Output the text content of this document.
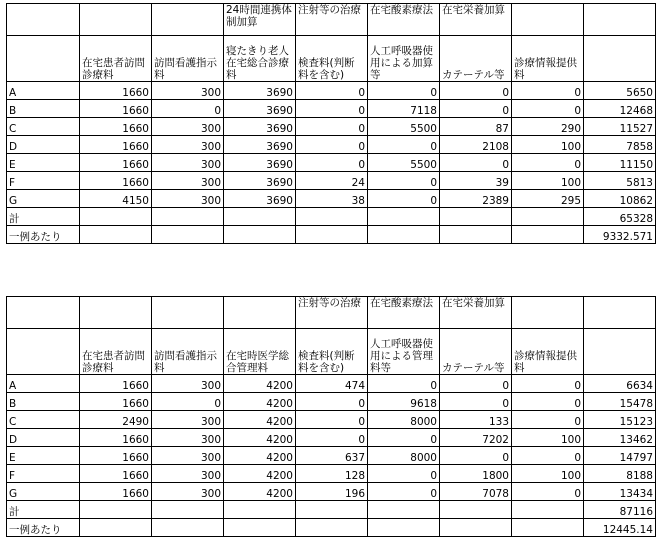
			24時間連携体制加算	注射等の治療	在宅酸素療法	在宅栄養加算		
	在宅患者訪問診療料	訪問看護指示料	寝たきり老人在宅総合診療料	検査料(判断料を含む)	人工呼吸器使用による加算等	カテーテル等	診療情報提供料	
A	1660	300	3690	0	0	0	0	5650
B	1660	0	3690	0	7118	0	0	12468
C	1660	300	3690	0	5500	87	290	11527
D	1660	300	3690	0	0	2108	100	7858
E	1660	300	3690	0	5500	0	0	11150
F	1660	300	3690	24	0	39	100	5813
G	4150	300	3690	38	0	2389	295	10862
計								65328
一例あたり								9332.571
				注射等の治療	在宅酸素療法	在宅栄養加算		
	在宅患者訪問診療料	訪問看護指示料	在宅時医学総合管理料	検査料(判断料を含む)	人工呼吸器使用による管理料等	カテーテル等	診療情報提供料	
A	1660	300	4200	474	0	0	0	6634
B	1660	0	4200	0	9618	0	0	15478
C	2490	300	4200	0	8000	133	0	15123
D	1660	300	4200	0	0	7202	100	13462
E	1660	300	4200	637	8000	0	0	14797
F	1660	300	4200	128	0	1800	100	8188
G	1660	300	4200	196	0	7078	0	13434
計								87116
一例あたり								12445.14
